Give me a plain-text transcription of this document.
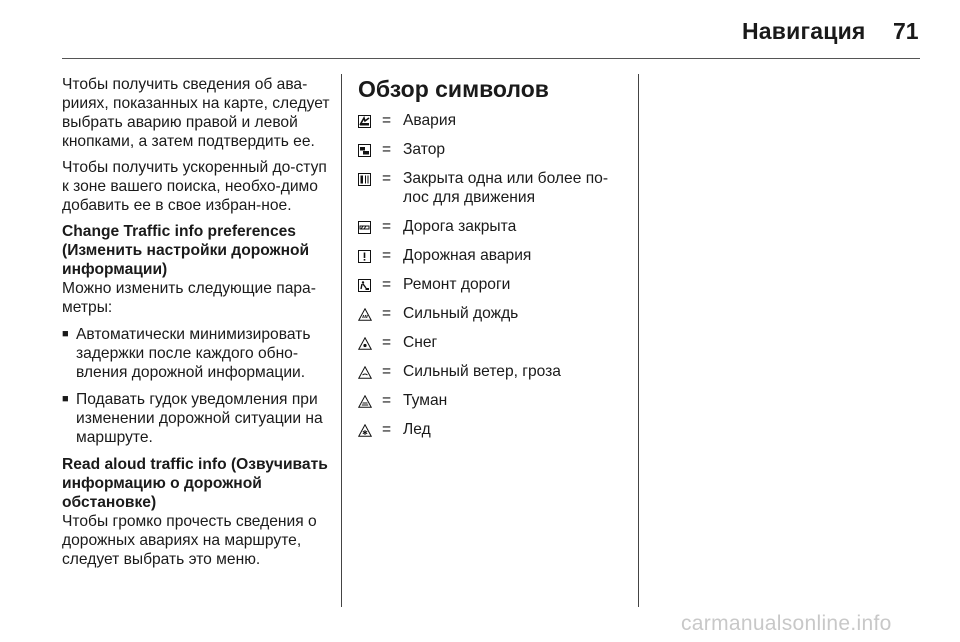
Навигация 71

Чтобы получить сведения об ава-рииях, показанных на карте, следует выбрать аварию правой и левой кнопками, а затем подтвердить ее.

Чтобы получить ускоренный до-ступ к зоне вашего поиска, необхо-димо добавить ее в свое избран-ное.

Change Traffic info preferences (Изменить настройки дорожной информации)

Можно изменить следующие пара-метры:

■ Автоматически минимизировать задержки после каждого обно-вления дорожной информации.
■ Подавать гудок уведомления при изменении дорожной ситуации на маршруте.

Read aloud traffic info (Озвучивать информацию о дорожной обстановке)

Чтобы громко прочесть сведения о дорожных авариях на маршруте, следует выбрать это меню.

Обзор символов
= Авария
= Затор
= Закрыта одна или более по-лос для движения
= Дорога закрыта
= Дорожная авария
= Ремонт дороги
= Сильный дождь
= Снег
= Сильный ветер, гроза
= Туман
= Лед
carmanualsonline.info
